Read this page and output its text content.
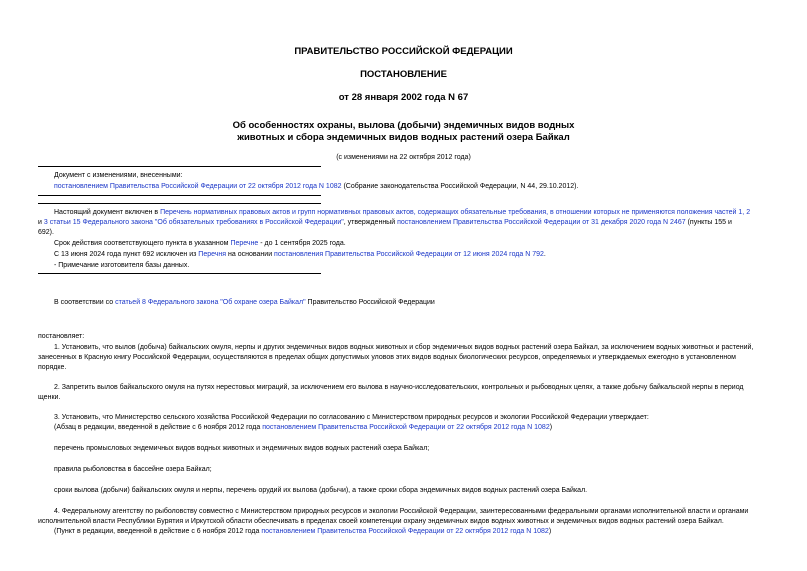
ПРАВИТЕЛЬСТВО РОССИЙСКОЙ ФЕДЕРАЦИИ
ПОСТАНОВЛЕНИЕ
от 28 января 2002 года N 67
Об особенностях охраны, вылова (добычи) эндемичных видов водных
животных и сбора эндемичных видов водных растений озера Байкал
(с изменениями на 22 октября 2012 года)
Документ с изменениями, внесенными:
постановлением Правительства Российской Федерации от 22 октября 2012 года N 1082 (Собрание законодательства Российской Федерации, N 44, 29.10.2012).
Настоящий документ включен в Перечень нормативных правовых актов и групп нормативных правовых актов, содержащих обязательные требования, в отношении которых не применяются положения частей 1, 2
и 3 статьи 15 Федерального закона "Об обязательных требованиях в Российской Федерации", утвержденный постановлением Правительства Российской Федерации от 31 декабря 2020 года N 2467 (пункты 155 и
692).
Срок действия соответствующего пункта в указанном Перечне - до 1 сентября 2025 года.
С 13 июня 2024 года пункт 692 исключен из Перечня на основании постановления Правительства Российской Федерации от 12 июня 2024 года N 792.
- Примечание изготовителя базы данных.
В соответствии со статьей 8 Федерального закона "Об охране озера Байкал" Правительство Российской Федерации
постановляет:
1. Установить, что вылов (добыча) байкальских омуля, нерпы и других эндемичных видов водных животных и сбор эндемичных видов водных растений озера Байкал, за исключением водных животных и растений,
занесенных в Красную книгу Российской Федерации, осуществляются в пределах общих допустимых уловов этих видов водных биологических ресурсов, определяемых и утверждаемых ежегодно в установленном
порядке.
2. Запретить вылов байкальского омуля на путях нерестовых миграций, за исключением его вылова в научно-исследовательских, контрольных и рыбоводных целях, а также добычу байкальской нерпы в период
щенки.
3. Установить, что Министерство сельского хозяйства Российской Федерации по согласованию с Министерством природных ресурсов и экологии Российской Федерации утверждает:
(Абзац в редакции, введенной в действие с 6 ноября 2012 года постановлением Правительства Российской Федерации от 22 октября 2012 года N 1082)
перечень промысловых эндемичных видов водных животных и эндемичных видов водных растений озера Байкал;
правила рыболовства в бассейне озера Байкал;
сроки вылова (добычи) байкальских омуля и нерпы, перечень орудий их вылова (добычи), а также сроки сбора эндемичных видов водных растений озера Байкал.
4. Федеральному агентству по рыболовству совместно с Министерством природных ресурсов и экологии Российской Федерации, заинтересованными федеральными органами исполнительной власти и органами
исполнительной власти Республики Бурятия и Иркутской области обеспечивать в пределах своей компетенции охрану эндемичных видов водных животных и эндемичных видов водных растений озера Байкал.
(Пункт в редакции, введенной в действие с 6 ноября 2012 года постановлением Правительства Российской Федерации от 22 октября 2012 года N 1082)
